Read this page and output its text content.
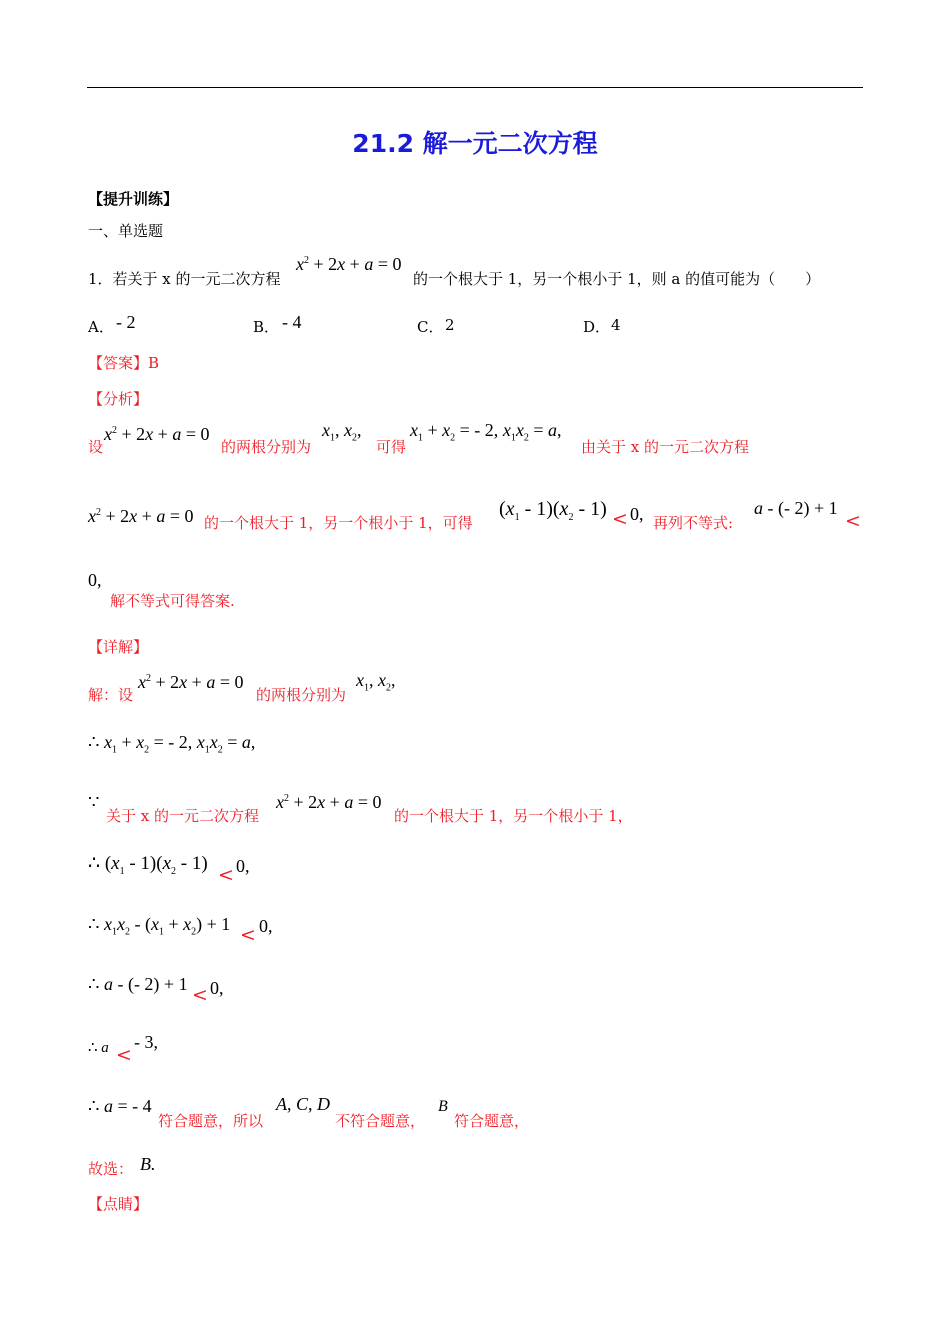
21.2 解一元二次方程
【提升训练】
一、单选题
1．若关于 x 的一元二次方程
$x^2 + 2x + a = 0$
的一个根大于 1，另一个根小于 1，则 a 的值可能为（　　）
A． - 2	B． - 4	C． 2	D． 4
【答案】B
【分析】
设
$x^2 + 2x + a = 0$
的两根分别为
$x_1$, $x_2$,
可得
$x_1 + x_2$ = - 2, $x_1x_2 = a$,
由关于 x 的一元二次方程
$x^2 + 2x + a = 0$ 的一个根大于 1，另一个根小于 1，可得
$(x_1 - 1)(x_2 - 1) < 0$, 再列不等式:
a - (- 2) + 1
<
0,
解不等式可得答案.
【详解】
解：设
$x^2 + 2x + a = 0$
的两根分别为
$x_1$, $x_2$,
∴ $x_1 + x_2$ = - 2, $x_1x_2 = a$,
∵
关于 x 的一元二次方程
$x^2 + 2x + a = 0$
的一个根大于 1，另一个根小于 1，
∴ $(x_1 - 1)(x_2 - 1)$
< 0,
∴ $x_1x_2 - (x_1 + x_2) + 1 < 0$,
∴ a - (- 2) + 1 < 0,
∴ a <
- 3,
∴ a = - 4
符合题意，所以
A, C, D
不符合题意，
B
符合题意，
故选： B.
【点睛】
